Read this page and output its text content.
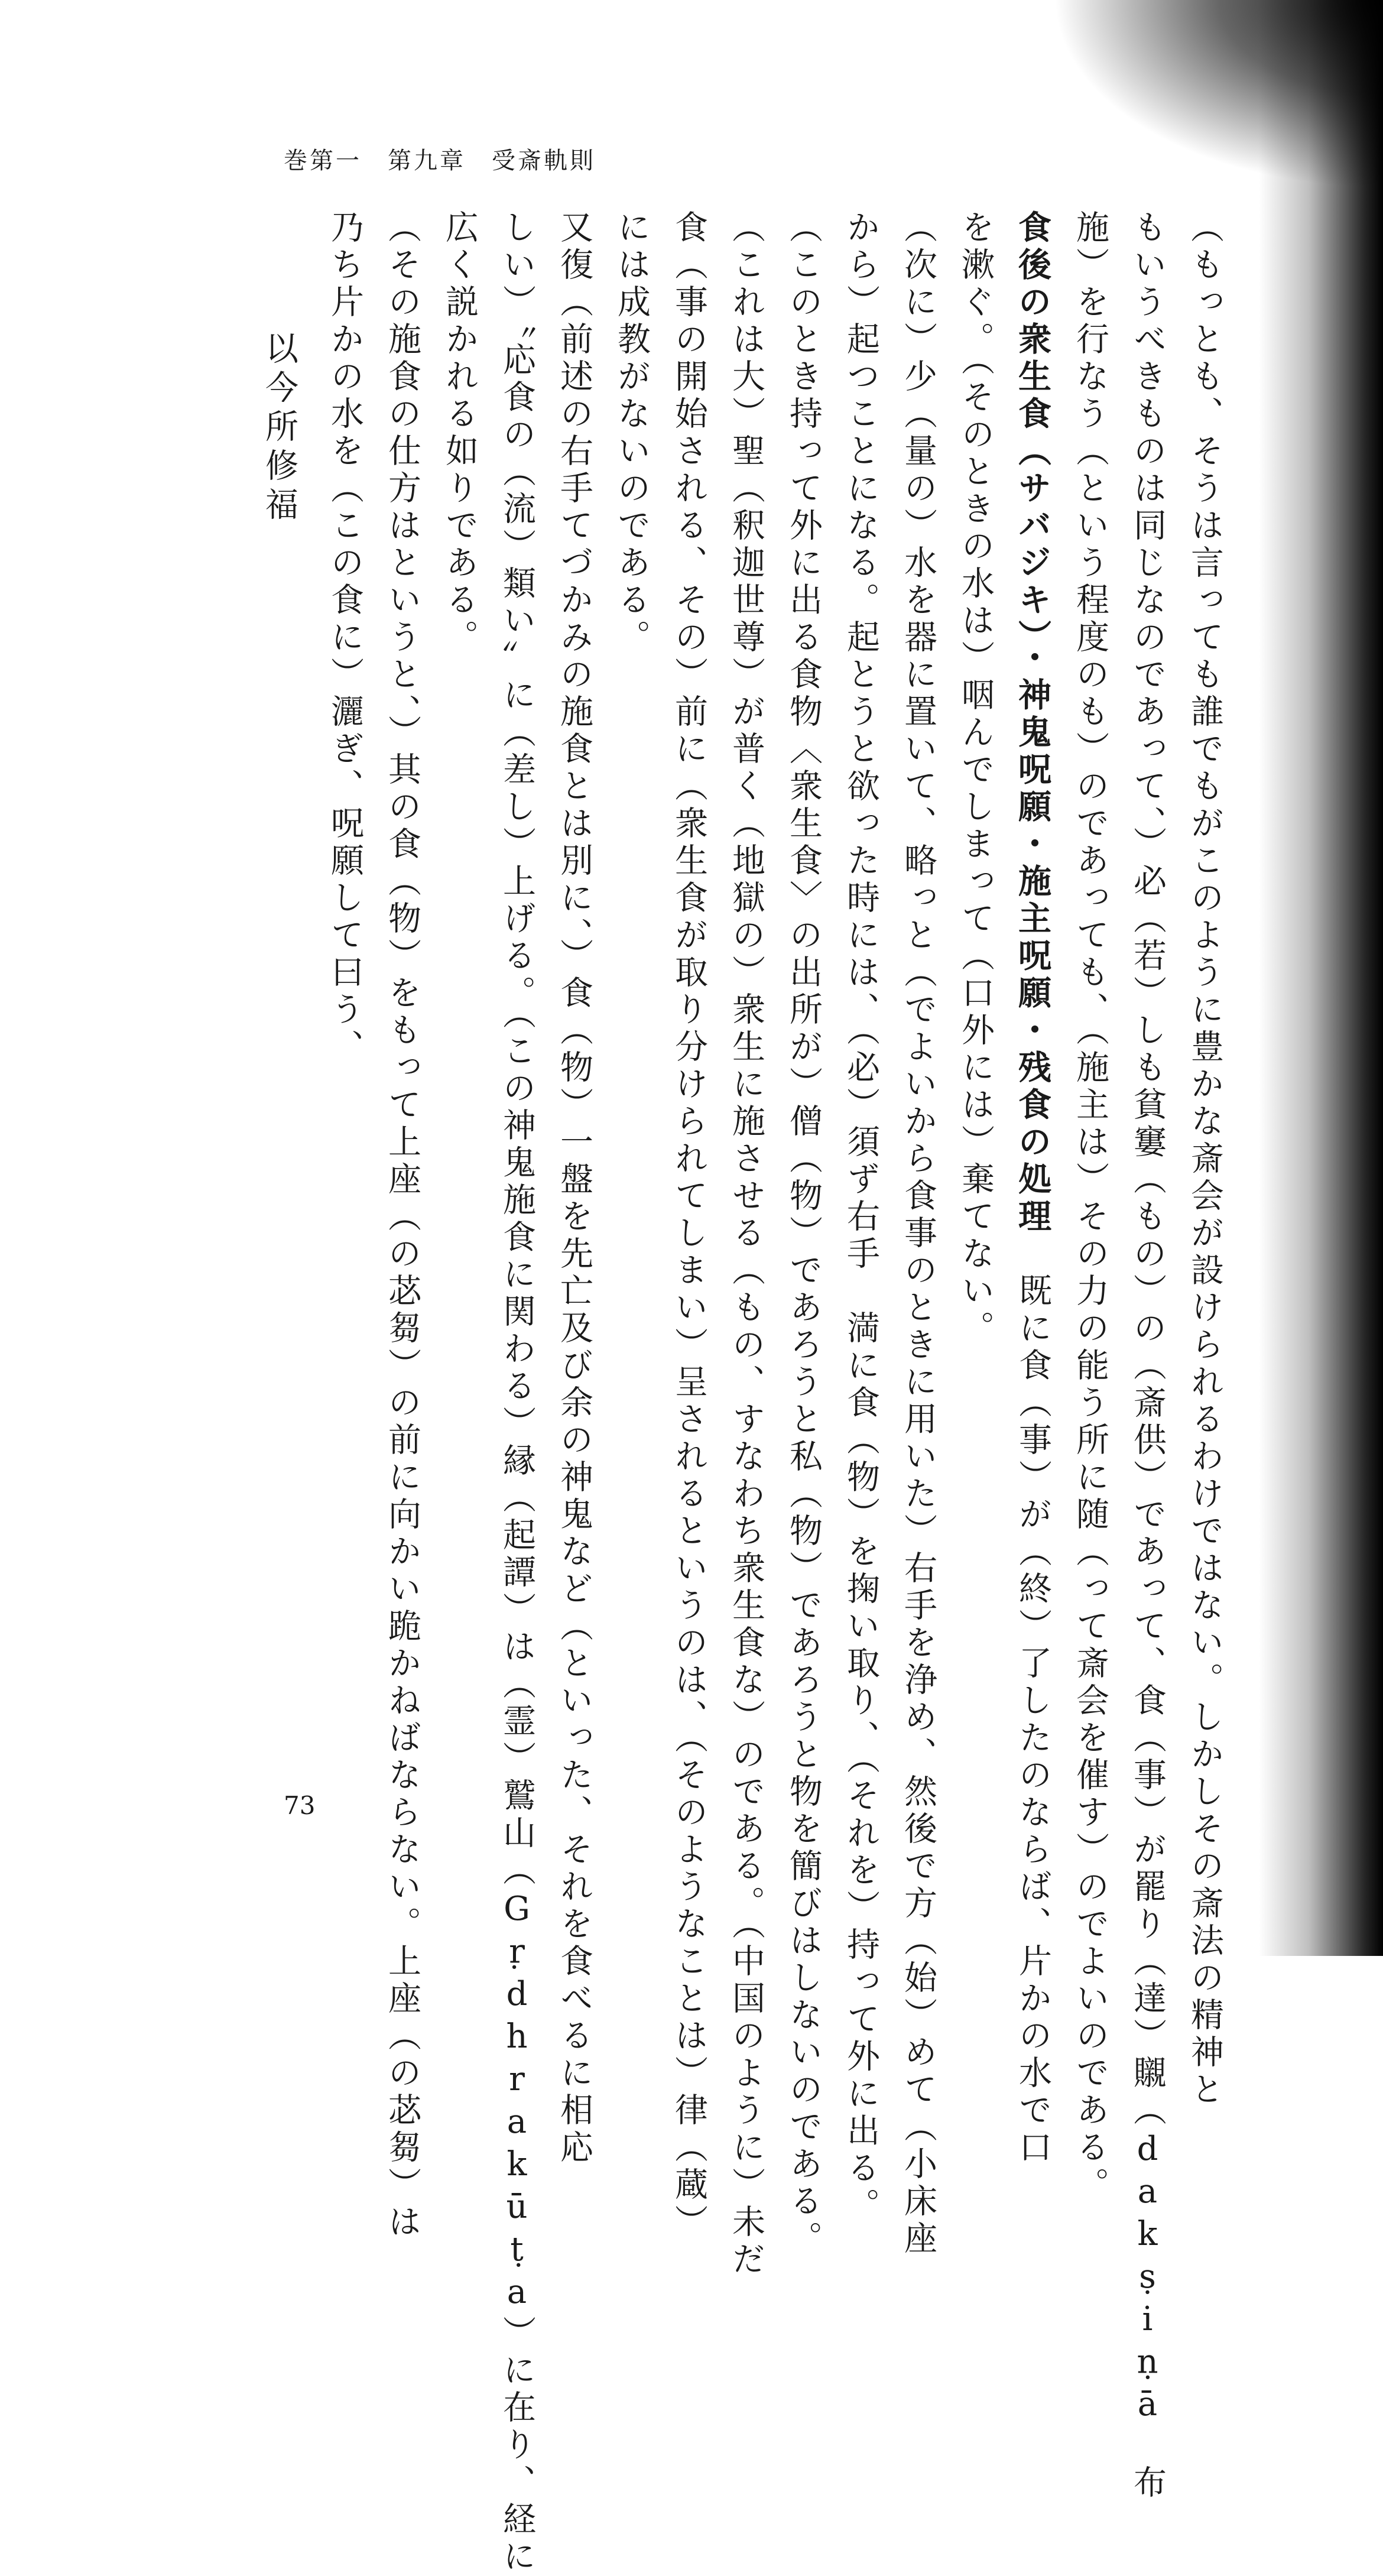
巻第一　第九章　受斎軌則
（もっとも、そうは言っても誰でもがこのように豊かな斎会が設けられるわけではない。しかしその斎法の精神と
もいうべきものは同じなのであって、）必（若）しも貧窶（もの）の（斎供）であって、食（事）が罷り（達）䞋（dakṣiṇā　布
施）を行なう（という程度のも）のであっても、（施主は）その力の能う所に随（って斎会を催す）のでよいのである。
食後の衆生食（サバジキ）・神鬼呪願・施主呪願・残食の処理　既に食（事）が（終）了したのならば、片かの水で口
を漱ぐ。（そのときの水は）咽んでしまって（口外には）棄てない。
（次に）少（量の）水を器に置いて、略っと（でよいから食事のときに用いた）右手を浄め、然後で方（始）めて（小床座
から）起つことになる。起とうと欲った時には、（必）須ず右手　満に食（物）を掬い取り、（それを）持って外に出る。
（このとき持って外に出る食物〈衆生食〉の出所が）僧（物）であろうと私（物）であろうと物を簡びはしないのである。
（これは大）聖（釈迦世尊）が普く（地獄の）衆生に施させる（もの、すなわち衆生食な）のである。（中国のように）未だ
食（事の開始される、その）前に（衆生食が取り分けられてしまい）呈されるというのは、（そのようなことは）律（蔵）
には成教がないのである。
又復（前述の右手てづかみの施食とは別に、）食（物）一盤を先亡及び余の神鬼など（といった、それを食べるに相応
しい）〝応食の（流）類い〟に（差し）上げる。（この神鬼施食に関わる）縁（起譚）は（霊）鷲山（Gṛdhrakūṭa）に在り、経に
広く説かれる如りである。
（その施食の仕方はというと、）其の食（物）をもって上座（の苾芻）の前に向かい跪かねばならない。上座（の苾芻）は
乃ち片かの水を（この食に）灑ぎ、呪願して曰う、
以今所修福
73
